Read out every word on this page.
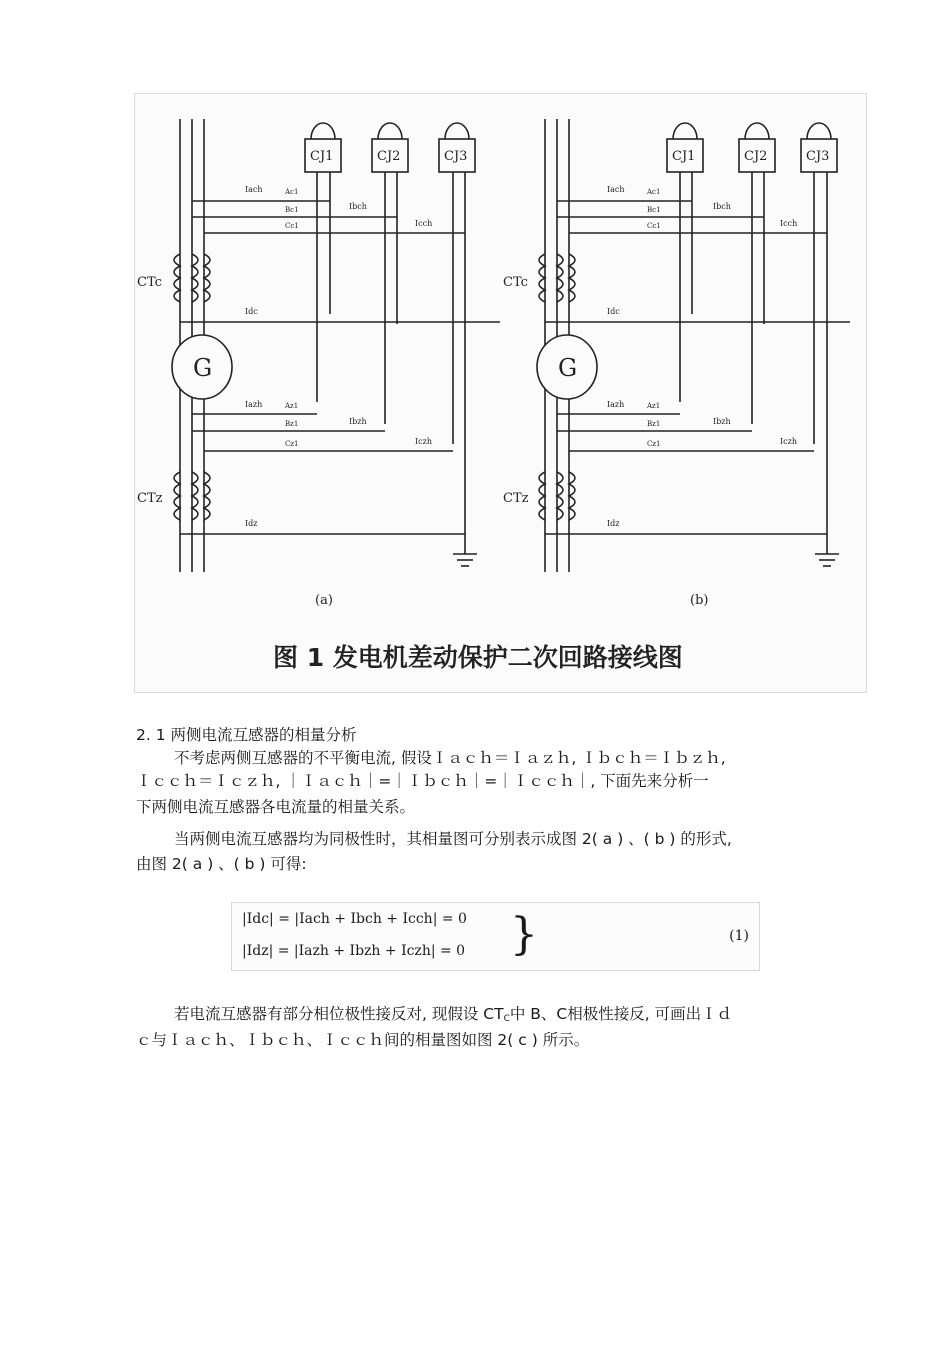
G	G
CTc
CTz
CTc
CTz
CJ1	CJ2	CJ3	CJ1	CJ2	CJ3
Iach
Ibch
Icch
Idc
Iazh
Ibzh
Iczh
Idz
Ac1
Bc1
Cc1
Az1
Bz1
Cz1
Iach
Ibch
Icch
Idc
Iazh
Ibzh
Iczh
Idz
Ac1
Bc1
Cc1
Az1
Bz1
Cz1
(a)	(b)
图 1 发电机差动保护二次回路接线图
2. 1 两侧电流互感器的相量分析
不考虑两侧互感器的不平衡电流, 假设Ｉａｃｈ＝Ｉａｚｈ, Ｉｂｃｈ＝Ｉｂｚｈ,
Ｉｃｃｈ＝Ｉｃｚｈ, ｜Ｉａｃｈ｜=｜Ｉｂｃｈ｜=｜Ｉｃｃｈ｜, 下面先来分析一
下两侧电流互感器各电流量的相量关系。
当两侧电流互感器均为同极性时，其相量图可分别表示成图 2( a ) 、( b ) 的形式,
由图 2( a ) 、( b ) 可得:
|Idc| = |Iach + Ibch + Icch| = 0
|Idz| = |Iazh + Ibzh + Iczh| = 0 }	(1)
若电流互感器有部分相位极性接反对, 现假设 $CT_C$中 B、C相极性接反, 可画出Ｉｄ
ｃ与Ｉａｃｈ、Ｉｂｃｈ、Ｉｃｃｈ间的相量图如图 2( c ) 所示。
